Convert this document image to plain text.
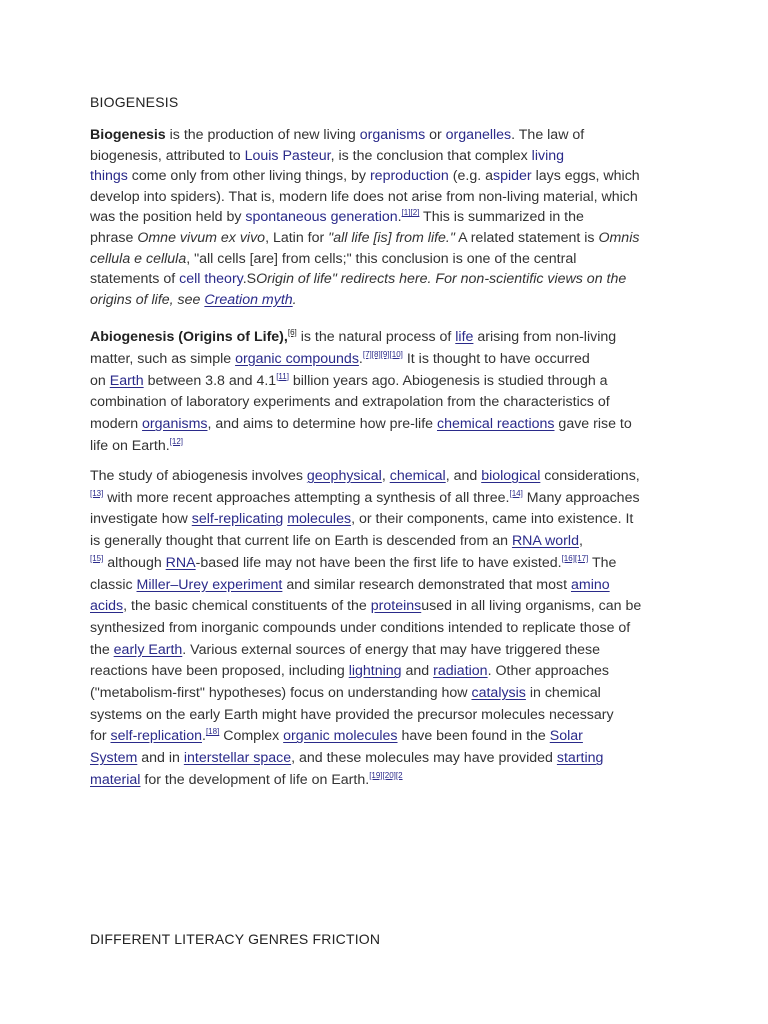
BIOGENESIS
Biogenesis is the production of new living organisms or organelles. The law of
biogenesis, attributed to Louis Pasteur, is the conclusion that complex living
things come only from other living things, by reproduction (e.g. aspider lays eggs, which
develop into spiders). That is, modern life does not arise from non-living material, which
was the position held by spontaneous generation.[1][2] This is summarized in the
phrase Omne vivum ex vivo, Latin for "all life [is] from life." A related statement is Omnis
cellula e cellula, "all cells [are] from cells;" this conclusion is one of the central
statements of cell theory.SOrigin of life" redirects here. For non-scientific views on the
origins of life, see Creation myth.
Abiogenesis (Origins of Life),[6] is the natural process of life arising from non-living
matter, such as simple organic compounds.[7][8][9][10] It is thought to have occurred
on Earth between 3.8 and 4.1[11] billion years ago. Abiogenesis is studied through a
combination of laboratory experiments and extrapolation from the characteristics of
modern organisms, and aims to determine how pre-life chemical reactions gave rise to
life on Earth.[12]
The study of abiogenesis involves geophysical, chemical, and biological considerations,
[13] with more recent approaches attempting a synthesis of all three.[14] Many approaches
investigate how self-replicating molecules, or their components, came into existence. It
is generally thought that current life on Earth is descended from an RNA world,
[15] although RNA-based life may not have been the first life to have existed.[16][17] The
classic Miller–Urey experiment and similar research demonstrated that most amino
acids, the basic chemical constituents of the proteinsused in all living organisms, can be
synthesized from inorganic compounds under conditions intended to replicate those of
the early Earth. Various external sources of energy that may have triggered these
reactions have been proposed, including lightning and radiation. Other approaches
("metabolism-first" hypotheses) focus on understanding how catalysis in chemical
systems on the early Earth might have provided the precursor molecules necessary
for self-replication.[18] Complex organic molecules have been found in the Solar
System and in interstellar space, and these molecules may have provided starting
material for the development of life on Earth.$^{[19][20][2}$
DIFFERENT LITERACY GENRES FRICTION
